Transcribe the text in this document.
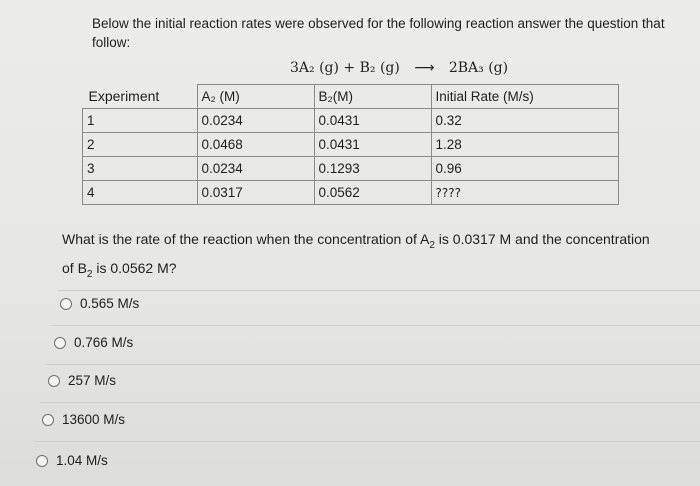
Below the initial reaction rates were observed for the following reaction answer the question that follow:
3A₂ (g) + B₂ (g) ⟶ 2BA₃ (g)
Experiment	A₂ (M)	B₂(M)	Initial Rate (M/s)
1	0.0234	0.0431	0.32
2	0.0468	0.0431	1.28
3	0.0234	0.1293	0.96
4	0.0317	0.0562	????
What is the rate of the reaction when the concentration of $A_2$ is 0.0317 M and the concentration of $B_2$ is 0.0562 M?
0.565 M/s
0.766 M/s
257 M/s
13600 M/s
1.04 M/s
